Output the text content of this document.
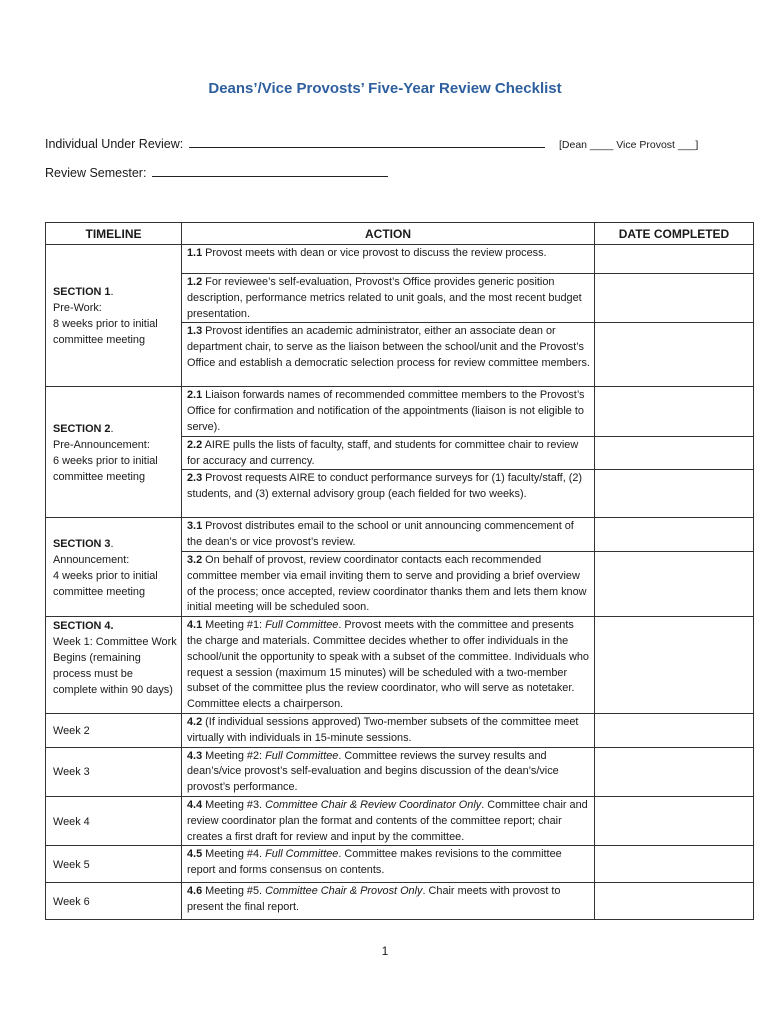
Deans’/Vice Provosts’ Five-Year Review Checklist
Individual Under Review:	[Dean ____ Vice Provost ___]
Review Semester:
TIMELINE	ACTION	DATE COMPLETED
SECTION 1.
Pre-Work:
8 weeks prior to initial committee meeting	1.1 Provost meets with dean or vice provost to discuss the review process.	
	1.2 For reviewee’s self-evaluation, Provost’s Office provides generic position description, performance metrics related to unit goals, and the most recent budget presentation.	
	1.3 Provost identifies an academic administrator, either an associate dean or department chair, to serve as the liaison between the school/unit and the Provost’s Office and establish a democratic selection process for review committee members.	
SECTION 2.
Pre-Announcement:
6 weeks prior to initial committee meeting	2.1 Liaison forwards names of recommended committee members to the Provost’s Office for confirmation and notification of the appointments (liaison is not eligible to serve).	
	2.2 AIRE pulls the lists of faculty, staff, and students for committee chair to review for accuracy and currency.	
	2.3 Provost requests AIRE to conduct performance surveys for (1) faculty/staff, (2) students, and (3) external advisory group (each fielded for two weeks).	
SECTION 3.
Announcement:
4 weeks prior to initial committee meeting	3.1 Provost distributes email to the school or unit announcing commencement of the dean’s or vice provost’s review.	
	3.2 On behalf of provost, review coordinator contacts each recommended committee member via email inviting them to serve and providing a brief overview of the process; once accepted, review coordinator thanks them and lets them know initial meeting will be scheduled soon.	
SECTION 4.
Week 1: Committee Work Begins (remaining process must be complete within 90 days)	4.1 Meeting #1: Full Committee. Provost meets with the committee and presents the charge and materials. Committee decides whether to offer individuals in the school/unit the opportunity to speak with a subset of the committee. Individuals who request a session (maximum 15 minutes) will be scheduled with a two-member subset of the committee plus the review coordinator, who will serve as notetaker. Committee elects a chairperson.	
Week 2	4.2 (If individual sessions approved) Two-member subsets of the committee meet virtually with individuals in 15-minute sessions.	
Week 3	4.3 Meeting #2: Full Committee. Committee reviews the survey results and dean’s/vice provost’s self-evaluation and begins discussion of the dean’s/vice provost’s performance.	
Week 4	4.4 Meeting #3. Committee Chair & Review Coordinator Only. Committee chair and review coordinator plan the format and contents of the committee report; chair creates a first draft for review and input by the committee.	
Week 5	4.5 Meeting #4. Full Committee. Committee makes revisions to the committee report and forms consensus on contents.	
Week 6	4.6 Meeting #5. Committee Chair & Provost Only. Chair meets with provost to present the final report.	
1
